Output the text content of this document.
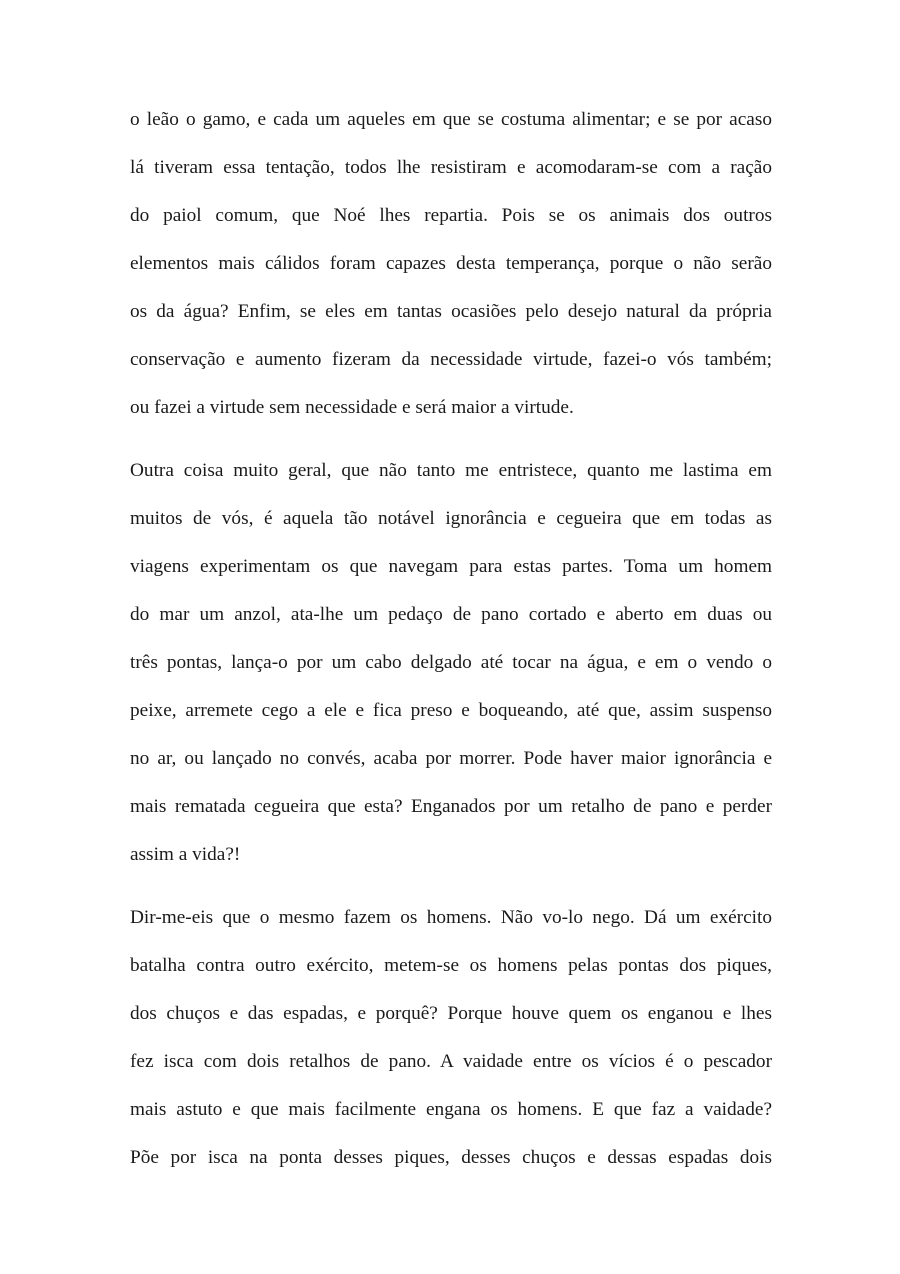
o leão o gamo, e cada um aqueles em que se costuma alimentar; e se por acaso
lá tiveram essa tentação, todos lhe resistiram e acomodaram-se com a ração
do paiol comum, que Noé lhes repartia. Pois se os animais dos outros
elementos mais cálidos foram capazes desta temperança, porque o não serão
os da água? Enfim, se eles em tantas ocasiões pelo desejo natural da própria
conservação e aumento fizeram da necessidade virtude, fazei-o vós também;
ou fazei a virtude sem necessidade e será maior a virtude.

Outra coisa muito geral, que não tanto me entristece, quanto me lastima em
muitos de vós, é aquela tão notável ignorância e cegueira que em todas as
viagens experimentam os que navegam para estas partes. Toma um homem
do mar um anzol, ata-lhe um pedaço de pano cortado e aberto em duas ou
três pontas, lança-o por um cabo delgado até tocar na água, e em o vendo o
peixe, arremete cego a ele e fica preso e boqueando, até que, assim suspenso
no ar, ou lançado no convés, acaba por morrer. Pode haver maior ignorância e
mais rematada cegueira que esta? Enganados por um retalho de pano e perder
assim a vida?!

Dir-me-eis que o mesmo fazem os homens. Não vo-lo nego. Dá um exército
batalha contra outro exército, metem-se os homens pelas pontas dos piques,
dos chuços e das espadas, e porquê? Porque houve quem os enganou e lhes
fez isca com dois retalhos de pano. A vaidade entre os vícios é o pescador
mais astuto e que mais facilmente engana os homens. E que faz a vaidade?
Põe por isca na ponta desses piques, desses chuços e dessas espadas dois
